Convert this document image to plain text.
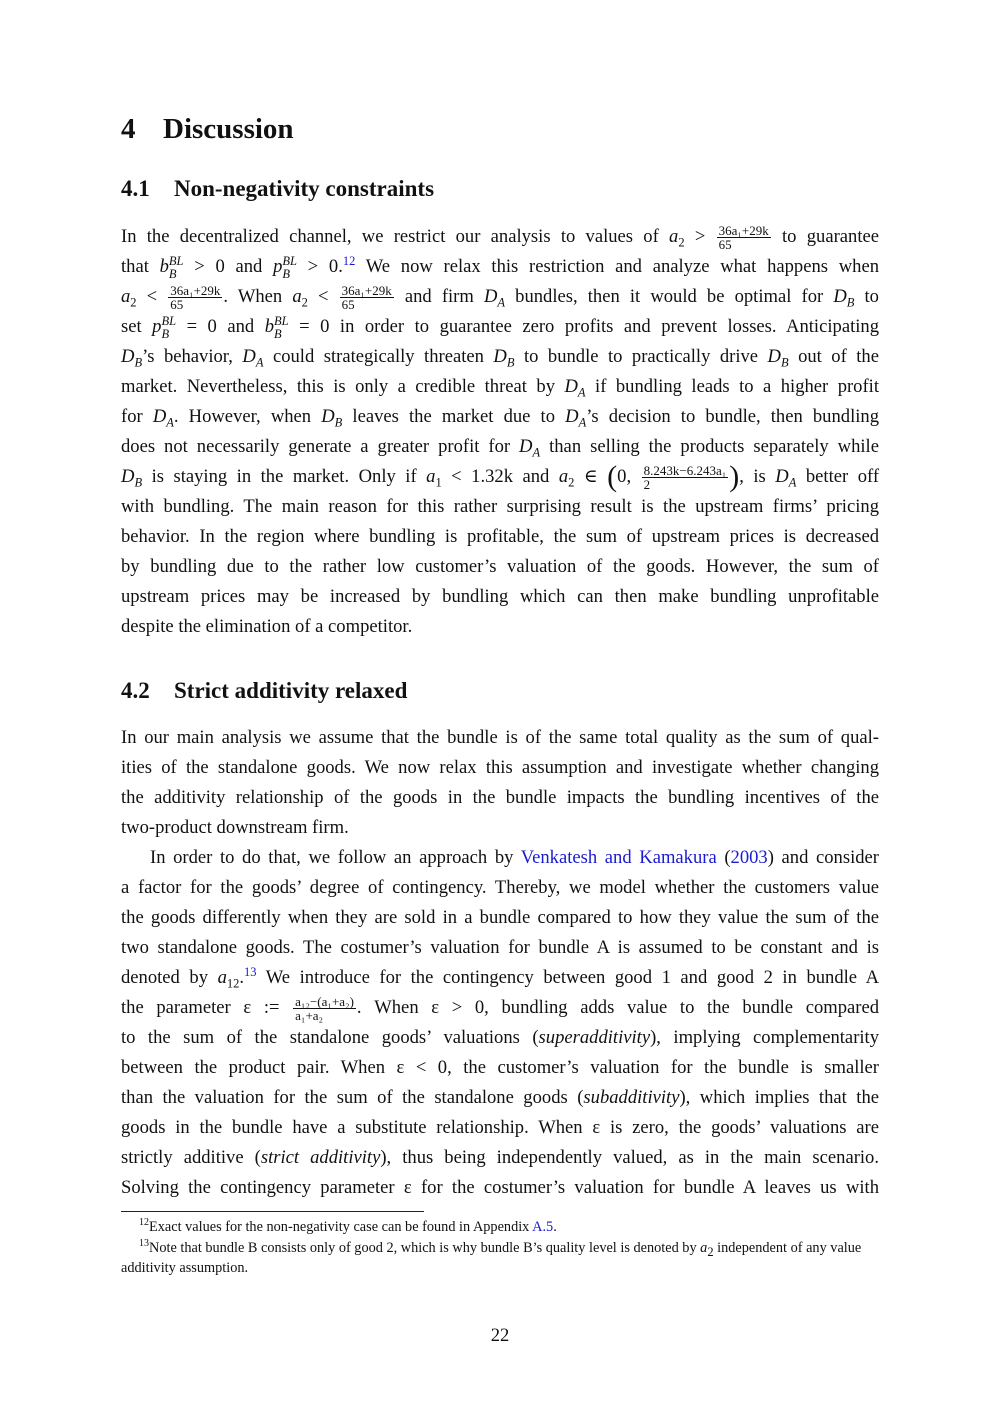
4 Discussion
4.1 Non-negativity constraints
In the decentralized channel, we restrict our analysis to values of $a_2 > \frac{\text{36a₁+29k}}{65}$ to guarantee
that b BL
B > 0 and p BL
B > 0.12 We now relax this restriction and analyze what happens when
$a_2 < \frac{\text{36a₁+29k}}{65}$ . When $a_2 < \frac{\text{36a₁+29k}}{65}$ and firm $D_A$ bundles, then it would be optimal for $D_B$ to
set p BL
B = 0 and b BL
B = 0 in order to guarantee zero profits and prevent losses. Anticipating
$D_B’s$ behavior, $D_A$ could strategically threaten $D_B$ to bundle to practically drive $D_B$ out of the
market. Nevertheless, this is only a credible threat by $D_A$ if bundling leads to a higher profit
for $D_A$. However, when $D_B$ leaves the market due to $D_A’s$ decision to bundle, then bundling
does not necessarily generate a greater profit for $D_A$ than selling the products separately while
$D_B$ is staying in the market. Only if $a_1 < 1.32k$ and $a_2$ ∈ (0, $\frac{\text{8.243k−6.243a₁}}{2}$ ), is $D_A$ better off
with bundling. The main reason for this rather surprising result is the upstream firms’ pricing
behavior. In the region where bundling is profitable, the sum of upstream prices is decreased
by bundling due to the rather low customer’s valuation of the goods. However, the sum of
upstream prices may be increased by bundling which can then make bundling unprofitable
despite the elimination of a competitor.
4.2 Strict additivity relaxed
In our main analysis we assume that the bundle is of the same total quality as the sum of qual-
ities of the standalone goods. We now relax this assumption and investigate whether changing
the additivity relationship of the goods in the bundle impacts the bundling incentives of the
two-product downstream firm.
In order to do that, we follow an approach by Venkatesh and Kamakura (2003) and consider
a factor for the goods’ degree of contingency. Thereby, we model whether the customers value
the goods differently when they are sold in a bundle compared to how they value the sum of the
two standalone goods. The costumer’s valuation for bundle A is assumed to be constant and is
denoted by $a_{12}.^{13}$ We introduce for the contingency between good 1 and good 2 in bundle A
the parameter ε := $\frac{\text{a₁₂−(a₁+a₂)}}{\text{a₁+a₂}}$ . When ε > 0, bundling adds value to the bundle compared
to the sum of the standalone goods’ valuations (superadditivity), implying complementarity
between the product pair. When ε < 0, the customer’s valuation for the bundle is smaller
than the valuation for the sum of the standalone goods (subadditivity), which implies that the
goods in the bundle have a substitute relationship. When ε is zero, the goods’ valuations are
strictly additive (strict additivity), thus being independently valued, as in the main scenario.
Solving the contingency parameter ε for the costumer’s valuation for bundle A leaves us with

$^{12}$Exact values for the non-negativity case can be found in Appendix A.5.

$^{13}$Note that bundle B consists only of good 2, which is why bundle B’s quality level is denoted by $a_2$ independent of any value additivity assumption.

22
